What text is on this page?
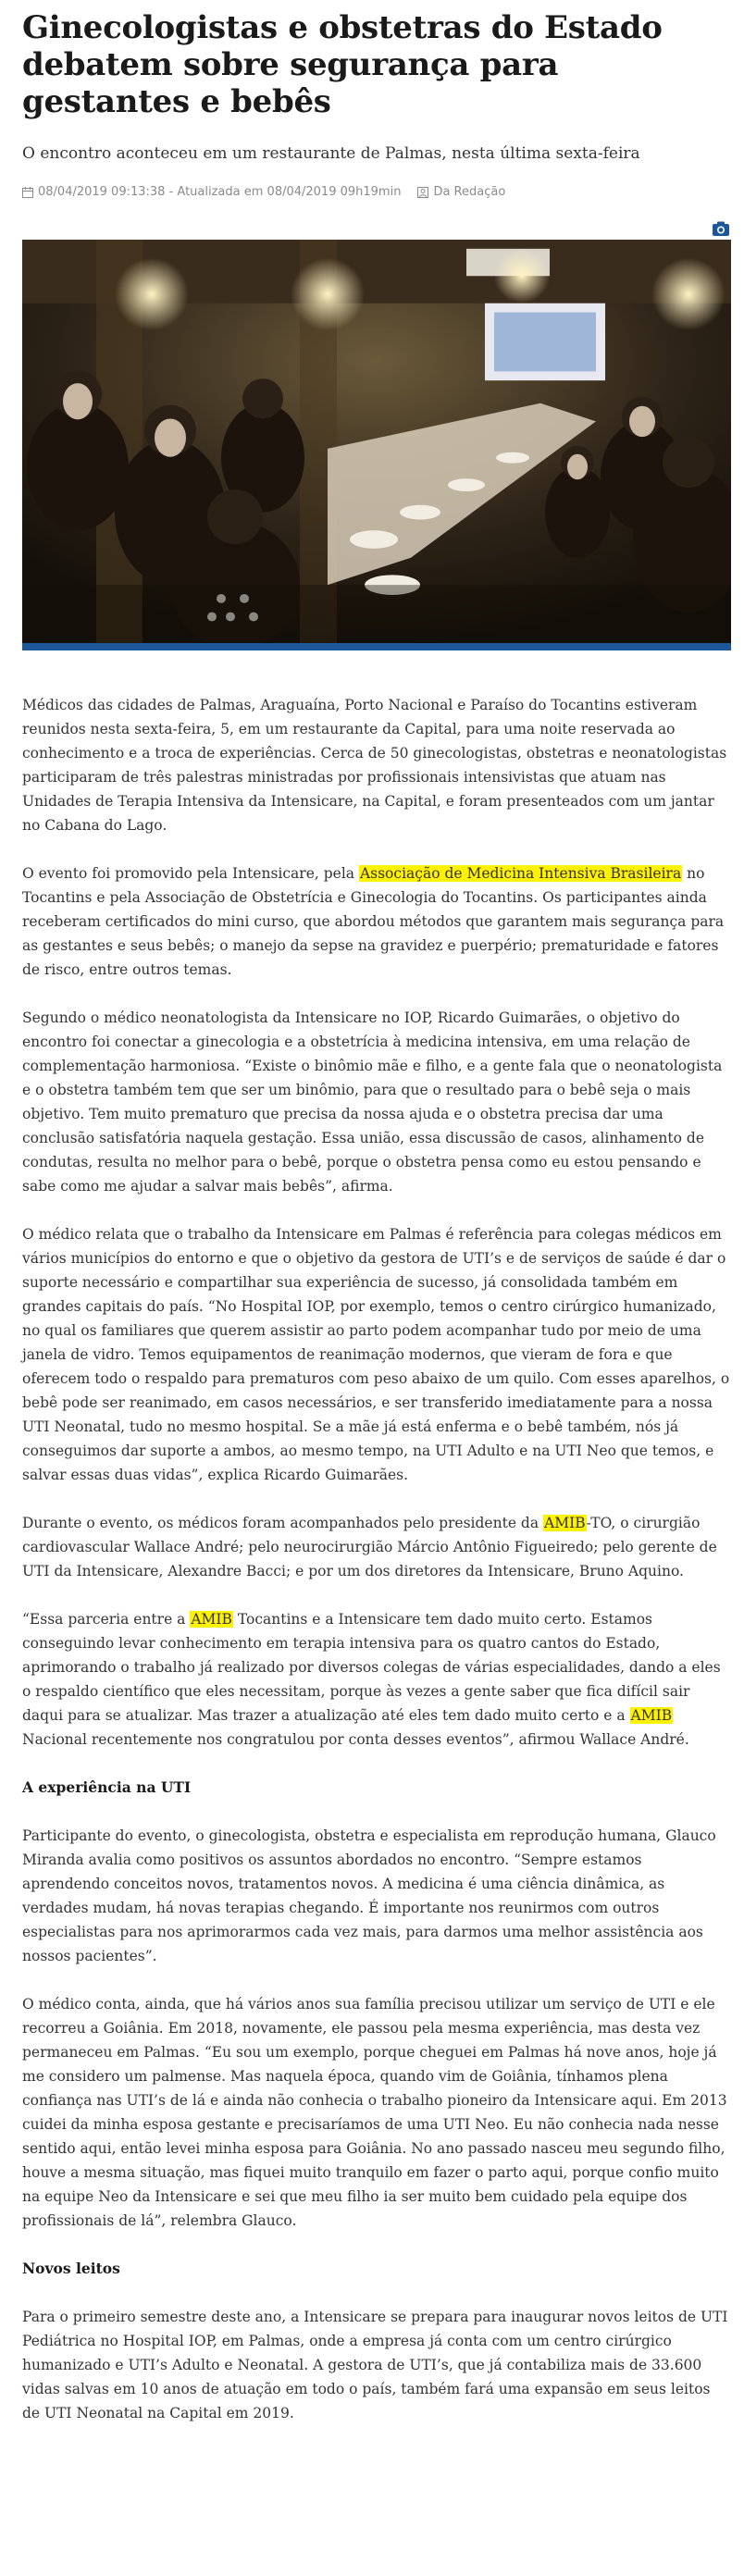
Ginecologistas e obstetras do Estado debatem sobre segurança para gestantes e bebês

O encontro aconteceu em um restaurante de Palmas, nesta última sexta-feira

08/04/2019 09:13:38 - Atualizada em 08/04/2019 09h19min	Da Redação

Médicos das cidades de Palmas, Araguaína, Porto Nacional e Paraíso do Tocantins estiveram reunidos nesta sexta-feira, 5, em um restaurante da Capital, para uma noite reservada ao conhecimento e a troca de experiências. Cerca de 50 ginecologistas, obstetras e neonatologistas participaram de três palestras ministradas por profissionais intensivistas que atuam nas Unidades de Terapia Intensiva da Intensicare, na Capital, e foram presenteados com um jantar no Cabana do Lago.

O evento foi promovido pela Intensicare, pela Associação de Medicina Intensiva Brasileira no Tocantins e pela Associação de Obstetrícia e Ginecologia do Tocantins. Os participantes ainda receberam certificados do mini curso, que abordou métodos que garantem mais segurança para as gestantes e seus bebês; o manejo da sepse na gravidez e puerpério; prematuridade e fatores de risco, entre outros temas.

Segundo o médico neonatologista da Intensicare no IOP, Ricardo Guimarães, o objetivo do encontro foi conectar a ginecologia e a obstetrícia à medicina intensiva, em uma relação de complementação harmoniosa. “Existe o binômio mãe e filho, e a gente fala que o neonatologista e o obstetra também tem que ser um binômio, para que o resultado para o bebê seja o mais objetivo. Tem muito prematuro que precisa da nossa ajuda e o obstetra precisa dar uma conclusão satisfatória naquela gestação. Essa união, essa discussão de casos, alinhamento de condutas, resulta no melhor para o bebê, porque o obstetra pensa como eu estou pensando e sabe como me ajudar a salvar mais bebês”, afirma.

O médico relata que o trabalho da Intensicare em Palmas é referência para colegas médicos em vários municípios do entorno e que o objetivo da gestora de UTI’s e de serviços de saúde é dar o suporte necessário e compartilhar sua experiência de sucesso, já consolidada também em grandes capitais do país. “No Hospital IOP, por exemplo, temos o centro cirúrgico humanizado, no qual os familiares que querem assistir ao parto podem acompanhar tudo por meio de uma janela de vidro. Temos equipamentos de reanimação modernos, que vieram de fora e que oferecem todo o respaldo para prematuros com peso abaixo de um quilo. Com esses aparelhos, o bebê pode ser reanimado, em casos necessários, e ser transferido imediatamente para a nossa UTI Neonatal, tudo no mesmo hospital. Se a mãe já está enferma e o bebê também, nós já conseguimos dar suporte a ambos, ao mesmo tempo, na UTI Adulto e na UTI Neo que temos, e salvar essas duas vidas”, explica Ricardo Guimarães.

Durante o evento, os médicos foram acompanhados pelo presidente da AMIB-TO, o cirurgião cardiovascular Wallace André; pelo neurocirurgião Márcio Antônio Figueiredo; pelo gerente de UTI da Intensicare, Alexandre Bacci; e por um dos diretores da Intensicare, Bruno Aquino.

“Essa parceria entre a AMIB Tocantins e a Intensicare tem dado muito certo. Estamos conseguindo levar conhecimento em terapia intensiva para os quatro cantos do Estado, aprimorando o trabalho já realizado por diversos colegas de várias especialidades, dando a eles o respaldo científico que eles necessitam, porque às vezes a gente saber que fica difícil sair daqui para se atualizar. Mas trazer a atualização até eles tem dado muito certo e a AMIB Nacional recentemente nos congratulou por conta desses eventos”, afirmou Wallace André.

A experiência na UTI

Participante do evento, o ginecologista, obstetra e especialista em reprodução humana, Glauco Miranda avalia como positivos os assuntos abordados no encontro. “Sempre estamos aprendendo conceitos novos, tratamentos novos. A medicina é uma ciência dinâmica, as verdades mudam, há novas terapias chegando. É importante nos reunirmos com outros especialistas para nos aprimorarmos cada vez mais, para darmos uma melhor assistência aos nossos pacientes”.

O médico conta, ainda, que há vários anos sua família precisou utilizar um serviço de UTI e ele recorreu a Goiânia. Em 2018, novamente, ele passou pela mesma experiência, mas desta vez permaneceu em Palmas. “Eu sou um exemplo, porque cheguei em Palmas há nove anos, hoje já me considero um palmense. Mas naquela época, quando vim de Goiânia, tínhamos plena confiança nas UTI’s de lá e ainda não conhecia o trabalho pioneiro da Intensicare aqui. Em 2013 cuidei da minha esposa gestante e precisaríamos de uma UTI Neo. Eu não conhecia nada nesse sentido aqui, então levei minha esposa para Goiânia. No ano passado nasceu meu segundo filho, houve a mesma situação, mas fiquei muito tranquilo em fazer o parto aqui, porque confio muito na equipe Neo da Intensicare e sei que meu filho ia ser muito bem cuidado pela equipe dos profissionais de lá”, relembra Glauco.

Novos leitos

Para o primeiro semestre deste ano, a Intensicare se prepara para inaugurar novos leitos de UTI Pediátrica no Hospital IOP, em Palmas, onde a empresa já conta com um centro cirúrgico humanizado e UTI’s Adulto e Neonatal. A gestora de UTI’s, que já contabiliza mais de 33.600 vidas salvas em 10 anos de atuação em todo o país, também fará uma expansão em seus leitos de UTI Neonatal na Capital em 2019.
